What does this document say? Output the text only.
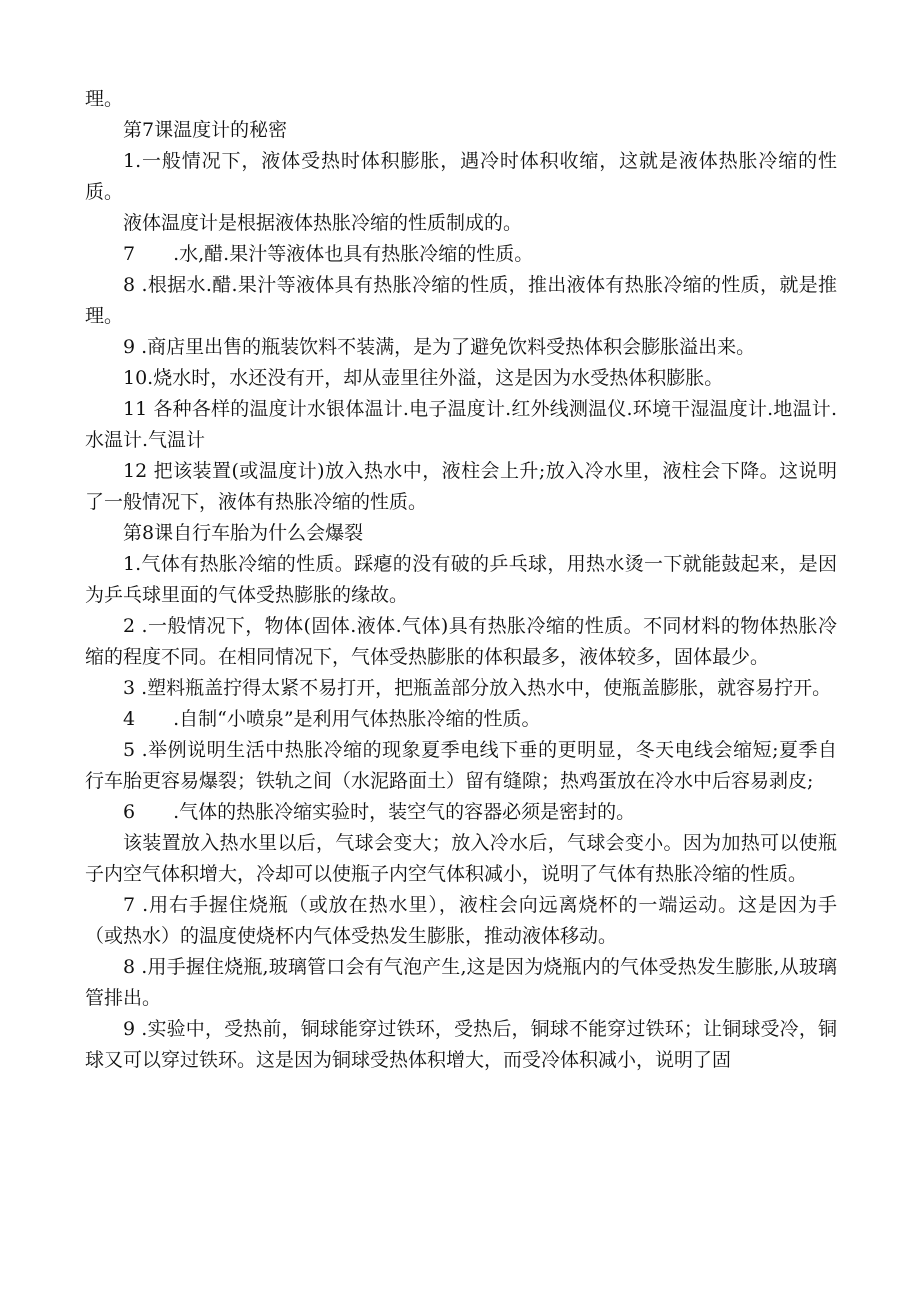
理。

第7课温度计的秘密

1.一般情况下，液体受热时体积膨胀，遇冷时体积收缩，这就是液体热胀冷缩的性质。

液体温度计是根据液体热胀冷缩的性质制成的。

7　　.水,醋.果汁等液体也具有热胀冷缩的性质。

8 .根据水.醋.果汁等液体具有热胀冷缩的性质，推出液体有热胀冷缩的性质，就是推理。

9 .商店里出售的瓶装饮料不装满，是为了避免饮料受热体积会膨胀溢出来。

10.烧水时，水还没有开，却从壶里往外溢，这是因为水受热体积膨胀。

11 各种各样的温度计水银体温计.电子温度计.红外线测温仪.环境干湿温度计.地温计.水温计.气温计

12 把该装置(或温度计)放入热水中，液柱会上升;放入冷水里，液柱会下降。这说明了一般情况下，液体有热胀冷缩的性质。

第8课自行车胎为什么会爆裂

1.气体有热胀冷缩的性质。踩瘪的没有破的乒乓球，用热水烫一下就能鼓起来，是因为乒乓球里面的气体受热膨胀的缘故。

2 .一般情况下，物体(固体.液体.气体)具有热胀冷缩的性质。不同材料的物体热胀冷缩的程度不同。在相同情况下，气体受热膨胀的体积最多，液体较多，固体最少。

3 .塑料瓶盖拧得太紧不易打开，把瓶盖部分放入热水中，使瓶盖膨胀，就容易拧开。

4　　.自制“小喷泉”是利用气体热胀冷缩的性质。

5 .举例说明生活中热胀冷缩的现象夏季电线下垂的更明显，冬天电线会缩短;夏季自行车胎更容易爆裂；铁轨之间（水泥路面土）留有缝隙；热鸡蛋放在冷水中后容易剥皮;

6　　.气体的热胀冷缩实验时，装空气的容器必须是密封的。

该装置放入热水里以后，气球会变大；放入冷水后，气球会变小。因为加热可以使瓶子内空气体积增大，冷却可以使瓶子内空气体积减小，说明了气体有热胀冷缩的性质。

7 .用右手握住烧瓶（或放在热水里），液柱会向远离烧杯的一端运动。这是因为手（或热水）的温度使烧杯内气体受热发生膨胀，推动液体移动。

8 .用手握住烧瓶,玻璃管口会有气泡产生,这是因为烧瓶内的气体受热发生膨胀,从玻璃管排出。

9 .实验中，受热前，铜球能穿过铁环，受热后，铜球不能穿过铁环；让铜球受冷，铜球又可以穿过铁环。这是因为铜球受热体积增大，而受冷体积减小，说明了固
